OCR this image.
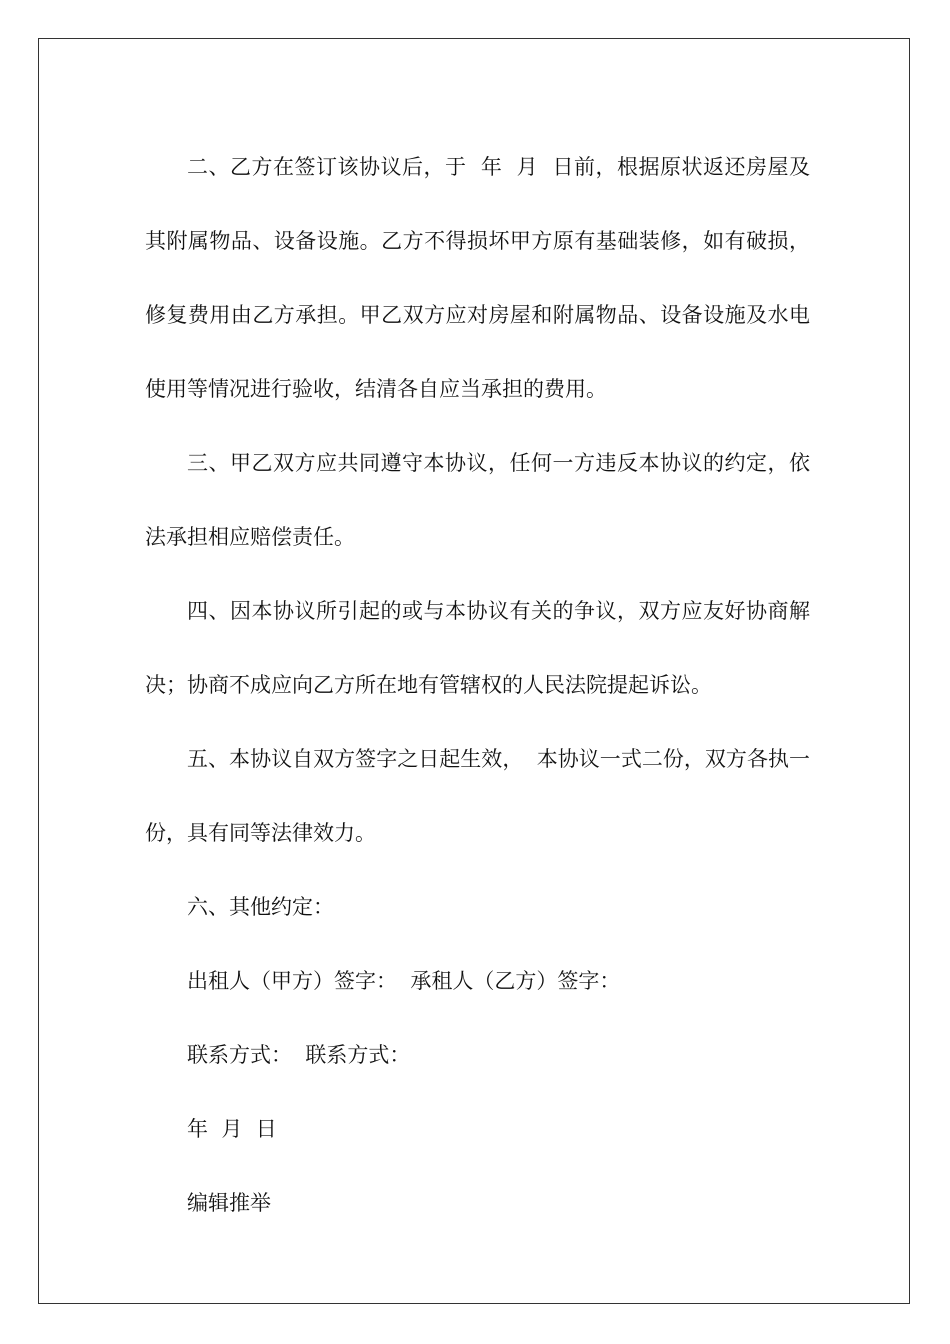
二、乙方在签订该协议后，于  年  月  日前，根据原状返还房屋及其附属物品、设备设施。乙方不得损坏甲方原有基础装修，如有破损，修复费用由乙方承担。甲乙双方应对房屋和附属物品、设备设施及水电使用等情况进行验收，结清各自应当承担的费用。

三、甲乙双方应共同遵守本协议，任何一方违反本协议的约定，依法承担相应赔偿责任。

四、因本协议所引起的或与本协议有关的争议，双方应友好协商解决；协商不成应向乙方所在地有管辖权的人民法院提起诉讼。

五、本协议自双方签字之日起生效，  本协议一式二份，双方各执一份，具有同等法律效力。

六、其他约定：

出租人（甲方）签字：  承租人（乙方）签字：

联系方式：  联系方式：

年  月  日

编辑推举
